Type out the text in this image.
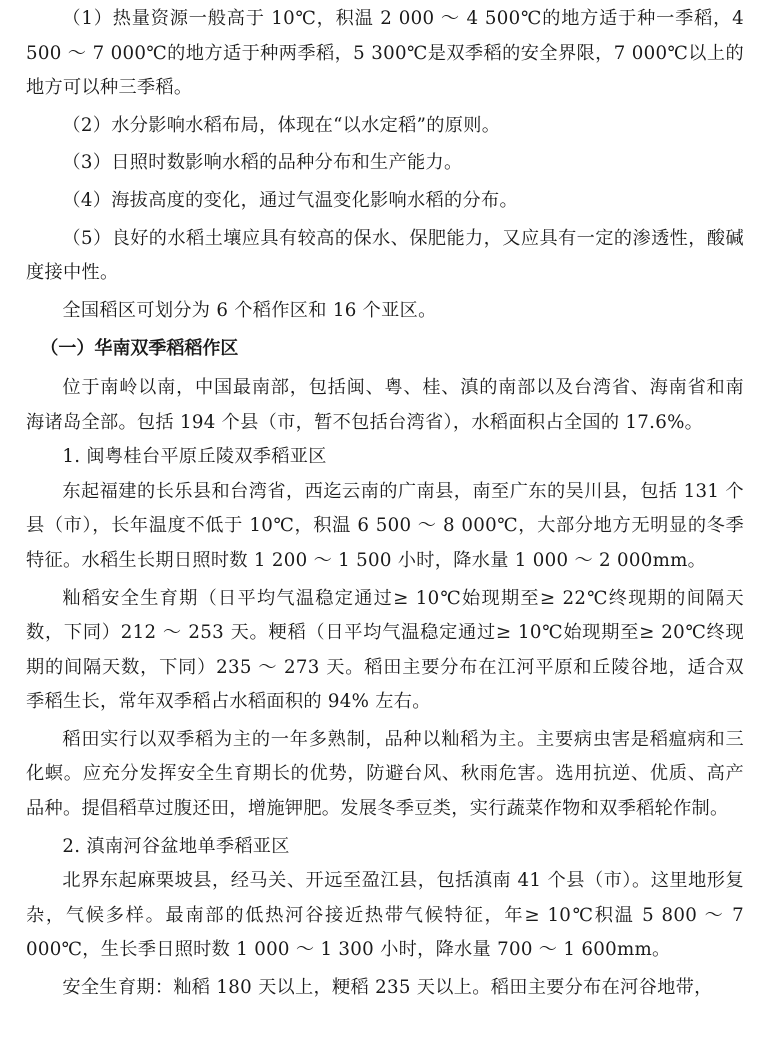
（1）热量资源一般高于 10℃，积温 2 000 ～ 4 500℃的地方适于种一季稻，4 500 ～ 7 000℃的地方适于种两季稻，5 300℃是双季稻的安全界限，7 000℃以上的地方可以种三季稻。

（2）水分影响水稻布局，体现在“以水定稻”的原则。

（3）日照时数影响水稻的品种分布和生产能力。

（4）海拔高度的变化，通过气温变化影响水稻的分布。

（5）良好的水稻土壤应具有较高的保水、保肥能力，又应具有一定的渗透性，酸碱度接中性。

全国稻区可划分为 6 个稻作区和 16 个亚区。

（一）华南双季稻稻作区

位于南岭以南，中国最南部，包括闽、粤、桂、滇的南部以及台湾省、海南省和南海诸岛全部。包括 194 个县（市，暂不包括台湾省），水稻面积占全国的 17.6%。

1. 闽粤桂台平原丘陵双季稻亚区

东起福建的长乐县和台湾省，西迄云南的广南县，南至广东的吴川县，包括 131 个县（市），长年温度不低于 10℃，积温 6 500 ～ 8 000℃，大部分地方无明显的冬季特征。水稻生长期日照时数 1 200 ～ 1 500 小时，降水量 1 000 ～ 2 000mm。

籼稻安全生育期（日平均气温稳定通过≥ 10℃始现期至≥ 22℃终现期的间隔天数，下同）212 ～ 253 天。粳稻（日平均气温稳定通过≥ 10℃始现期至≥ 20℃终现期的间隔天数，下同）235 ～ 273 天。稻田主要分布在江河平原和丘陵谷地，适合双季稻生长，常年双季稻占水稻面积的 94% 左右。

稻田实行以双季稻为主的一年多熟制，品种以籼稻为主。主要病虫害是稻瘟病和三化螟。应充分发挥安全生育期长的优势，防避台风、秋雨危害。选用抗逆、优质、高产品种。提倡稻草过腹还田，增施钾肥。发展冬季豆类，实行蔬菜作物和双季稻轮作制。

2. 滇南河谷盆地单季稻亚区

北界东起麻栗坡县，经马关、开远至盈江县，包括滇南 41 个县（市）。这里地形复杂，气候多样。最南部的低热河谷接近热带气候特征，年≥ 10℃积温 5 800 ～ 7 000℃，生长季日照时数 1 000 ～ 1 300 小时，降水量 700 ～ 1 600mm。

安全生育期：籼稻 180 天以上，粳稻 235 天以上。稻田主要分布在河谷地带，
